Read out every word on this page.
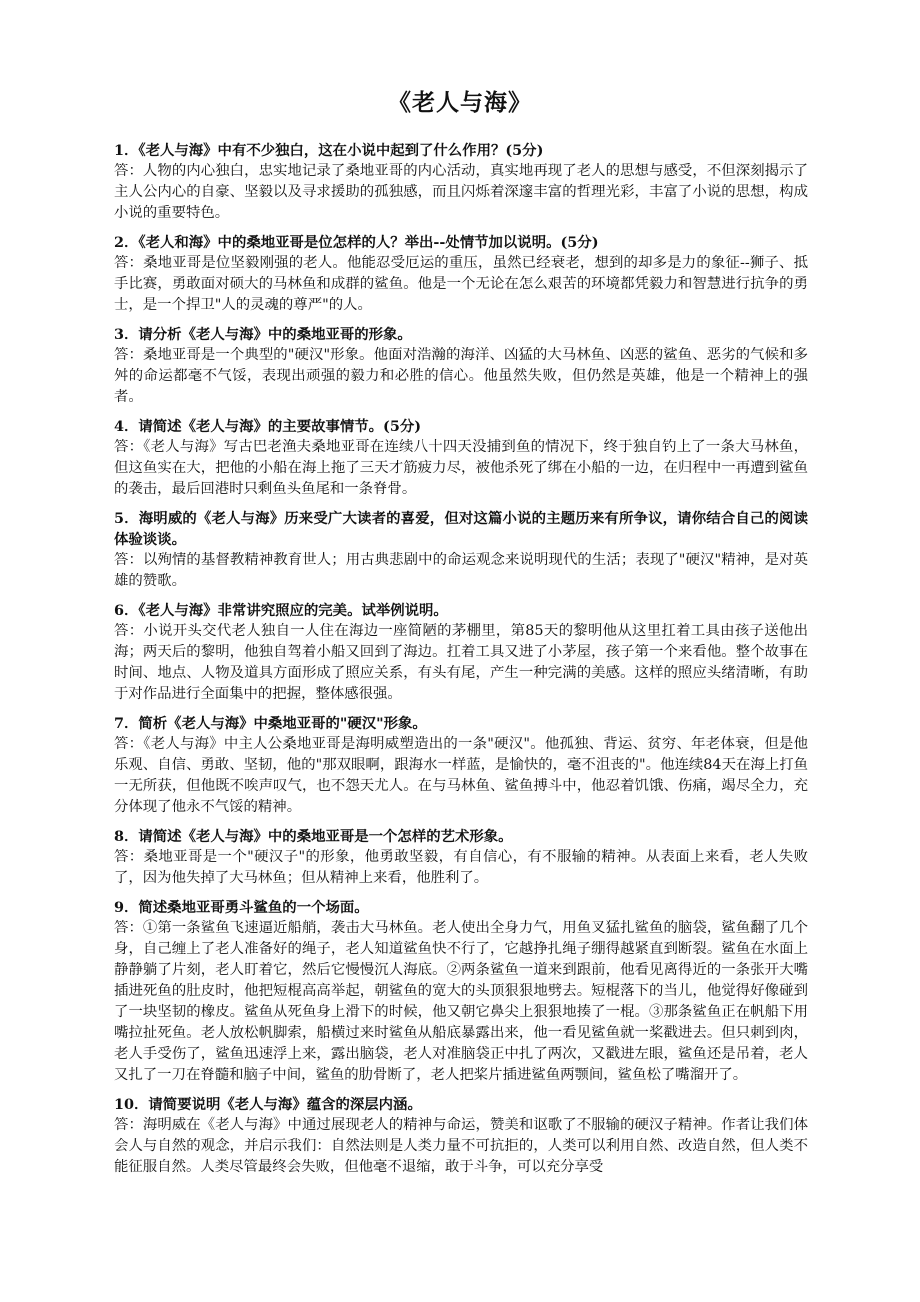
《老人与海》

1．《老人与海》中有不少独白，这在小说中起到了什么作用？(5分)

答：人物的内心独白，忠实地记录了桑地亚哥的内心活动，真实地再现了老人的思想与感受，不但深刻揭示了主人公内心的自豪、坚毅以及寻求援助的孤独感，而且闪烁着深邃丰富的哲理光彩，丰富了小说的思想，构成小说的重要特色。

2．《老人和海》中的桑地亚哥是位怎样的人？举出--处情节加以说明。(5分)

答：桑地亚哥是位坚毅刚强的老人。他能忍受厄运的重压，虽然已经衰老，想到的却多是力的象征--狮子、抵手比赛，勇敢面对硕大的马林鱼和成群的鲨鱼。他是一个无论在怎么艰苦的环境都凭毅力和智慧进行抗争的勇士，是一个捍卫"人的灵魂的尊严"的人。

3．请分析《老人与海》中的桑地亚哥的形象。

答：桑地亚哥是一个典型的"硬汉"形象。他面对浩瀚的海洋、凶猛的大马林鱼、凶恶的鲨鱼、恶劣的气候和多舛的命运都毫不气馁，表现出顽强的毅力和必胜的信心。他虽然失败，但仍然是英雄，他是一个精神上的强者。

4．请简述《老人与海》的主要故事情节。(5分)

答：《老人与海》写古巴老渔夫桑地亚哥在连续八十四天没捕到鱼的情况下，终于独自钓上了一条大马林鱼，但这鱼实在大，把他的小船在海上拖了三天才筋疲力尽，被他杀死了绑在小船的一边，在归程中一再遭到鲨鱼的袭击，最后回港时只剩鱼头鱼尾和一条脊骨。

5．海明威的《老人与海》历来受广大读者的喜爱，但对这篇小说的主题历来有所争议，请你结合自己的阅读体验谈谈。

答：以殉情的基督教精神教育世人；用古典悲剧中的命运观念来说明现代的生活；表现了"硬汉"精神，是对英雄的赞歌。

6．《老人与海》非常讲究照应的完美。试举例说明。

答：小说开头交代老人独自一人住在海边一座简陋的茅棚里，第85天的黎明他从这里扛着工具由孩子送他出海；两天后的黎明，他独自驾着小船又回到了海边。扛着工具又进了小茅屋，孩子第一个来看他。整个故事在时间、地点、人物及道具方面形成了照应关系，有头有尾，产生一种完满的美感。这样的照应头绪清晰，有助于对作品进行全面集中的把握，整体感很强。

7．简析《老人与海》中桑地亚哥的"硬汉"形象。

答：《老人与海》中主人公桑地亚哥是海明威塑造出的一条"硬汉"。他孤独、背运、贫穷、年老体衰，但是他乐观、自信、勇敢、坚韧，他的"那双眼啊，跟海水一样蓝，是愉快的，毫不沮丧的"。他连续84天在海上打鱼一无所获，但他既不唉声叹气，也不怨天尤人。在与马林鱼、鲨鱼搏斗中，他忍着饥饿、伤痛，竭尽全力，充分体现了他永不气馁的精神。

8．请简述《老人与海》中的桑地亚哥是一个怎样的艺术形象。

答：桑地亚哥是一个"硬汉子"的形象，他勇敢坚毅，有自信心，有不服输的精神。从表面上来看，老人失败了，因为他失掉了大马林鱼；但从精神上来看，他胜利了。

9．简述桑地亚哥勇斗鲨鱼的一个场面。

答：①第一条鲨鱼飞速逼近船艄，袭击大马林鱼。老人使出全身力气，用鱼叉猛扎鲨鱼的脑袋，鲨鱼翻了几个身，自己缠上了老人准备好的绳子，老人知道鲨鱼快不行了，它越挣扎绳子绷得越紧直到断裂。鲨鱼在水面上静静躺了片刻，老人盯着它，然后它慢慢沉人海底。②两条鲨鱼一道来到跟前，他看见离得近的一条张开大嘴插进死鱼的肚皮时，他把短棍高高举起，朝鲨鱼的宽大的头顶狠狠地劈去。短棍落下的当儿，他觉得好像碰到了一块坚韧的橡皮。鲨鱼从死鱼身上滑下的时候，他又朝它鼻尖上狠狠地揍了一棍。③那条鲨鱼正在帆船下用嘴拉扯死鱼。老人放松帆脚索，船横过来时鲨鱼从船底暴露出来，他一看见鲨鱼就一桨戳进去。但只刺到肉，老人手受伤了，鲨鱼迅速浮上来，露出脑袋，老人对准脑袋正中扎了两次，又戳进左眼，鲨鱼还是吊着，老人又扎了一刀在脊髓和脑子中间，鲨鱼的肋骨断了，老人把桨片插进鲨鱼两颚间，鲨鱼松了嘴溜开了。

10．请简要说明《老人与海》蕴含的深层内涵。

答：海明威在《老人与海》中通过展现老人的精神与命运，赞美和讴歌了不服输的硬汉子精神。作者让我们体会人与自然的观念，并启示我们：自然法则是人类力量不可抗拒的，人类可以利用自然、改造自然，但人类不能征服自然。人类尽管最终会失败，但他毫不退缩，敢于斗争，可以充分享受
